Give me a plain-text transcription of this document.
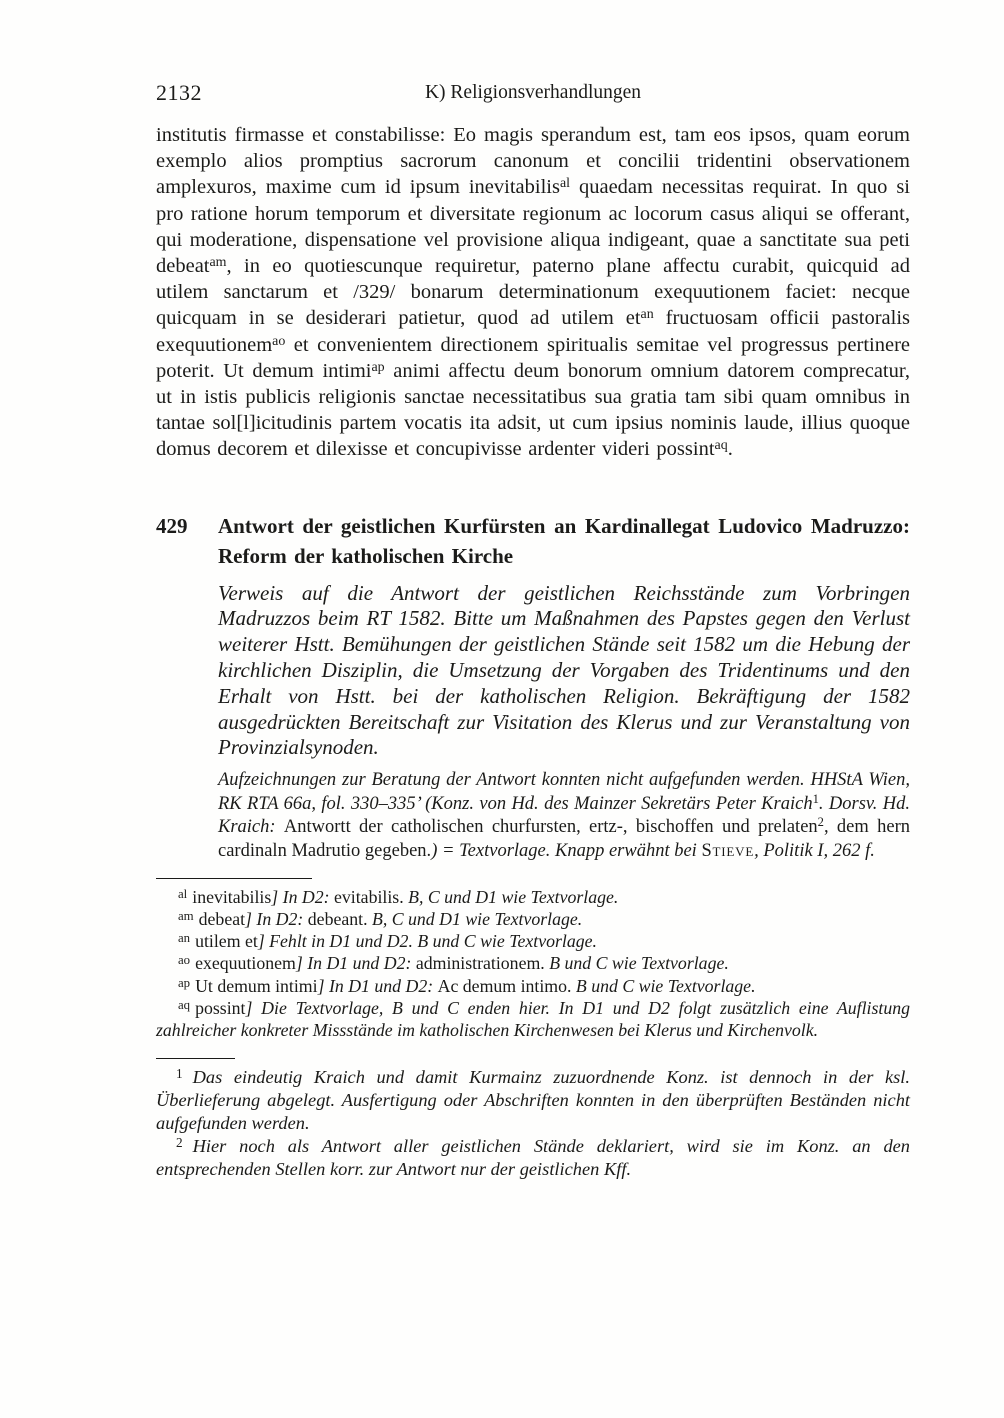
2132	K) Religionsverhandlungen

institutis firmasse et constabilisse: Eo magis sperandum est, tam eos ipsos, quam eorum exemplo alios promptius sacrorum canonum et concilii tridentini observationem amplexuros, maxime cum id ipsum inevitabilis$^{al}$ quaedam necessitas requirat. In quo si pro ratione horum temporum et diversitate regionum ac locorum casus aliqui se offerant, qui moderatione, dispensatione vel provisione aliqua indigeant, quae a sanctitate sua peti debeat$^{am}$, in eo quotiescunque requiretur, paterno plane affectu curabit, quicquid ad utilem sanctarum et /329/ bonarum determinationum exequutionem faciet: necque quicquam in se desiderari patietur, quod ad utilem $et^{an}$ fructuosam officii pastoralis exequutionem$^{ao}$ et convenientem directionem spiritualis semitae vel progressus pertinere poterit. Ut demum intimi$^{ap}$ animi affectu deum bonorum omnium datorem comprecatur, ut in istis publicis religionis sanctae necessitatibus sua gratia tam sibi quam omnibus in tantae sol[l]icitudinis partem vocatis ita adsit, ut cum ipsius nominis laude, illius quoque domus decorem et dilexisse et concupivisse ardenter videri possint$^{aq}$.

429	Antwort der geistlichen Kurfürsten an Kardinallegat Ludovico Madruzzo: Reform der katholischen Kirche

Verweis auf die Antwort der geistlichen Reichsstände zum Vorbringen Madruzzos beim RT 1582. Bitte um Maßnahmen des Papstes gegen den Verlust weiterer Hstt. Bemühungen der geistlichen Stände seit 1582 um die Hebung der kirchlichen Disziplin, die Umsetzung der Vorgaben des Tridentinums und den Erhalt von Hstt. bei der katholischen Religion. Bekräftigung der 1582 ausgedrückten Bereitschaft zur Visitation des Klerus und zur Veranstaltung von Provinzialsynoden.

Aufzeichnungen zur Beratung der Antwort konnten nicht aufgefunden werden. HHStA Wien, RK RTA 66a, fol. 330–335’ (Konz. von Hd. des Mainzer Sekretärs Peter Kraich$^1$. Dorsv. Hd. Kraich: Antwortt der catholischen churfursten, ertz-, bischoffen und prelaten$^2$, dem hern cardinaln Madrutio gegeben.) = Textvorlage. Knapp erwähnt bei Stieve, Politik I, 262 f.

$^{al}$ inevitabilis] In D2: evitabilis. B, C und D1 wie Textvorlage.

$^{am}$ debeat] In D2: debeant. B, C und D1 wie Textvorlage.

$^{an}$ utilem et] Fehlt in D1 und D2. B und C wie Textvorlage.

$^{ao}$ exequutionem] In D1 und D2: administrationem. B und C wie Textvorlage.

$^{ap}$ Ut demum intimi] In D1 und D2: Ac demum intimo. B und C wie Textvorlage.

$^{aq}$ possint] Die Textvorlage, B und C enden hier. In D1 und D2 folgt zusätzlich eine Auflistung zahlreicher konkreter Missstände im katholischen Kirchenwesen bei Klerus und Kirchenvolk.

$^1$ Das eindeutig Kraich und damit Kurmainz zuzuordnende Konz. ist dennoch in der ksl. Überlieferung abgelegt. Ausfertigung oder Abschriften konnten in den überprüften Beständen nicht aufgefunden werden.

$^2$ Hier noch als Antwort aller geistlichen Stände deklariert, wird sie im Konz. an den entsprechenden Stellen korr. zur Antwort nur der geistlichen Kff.
